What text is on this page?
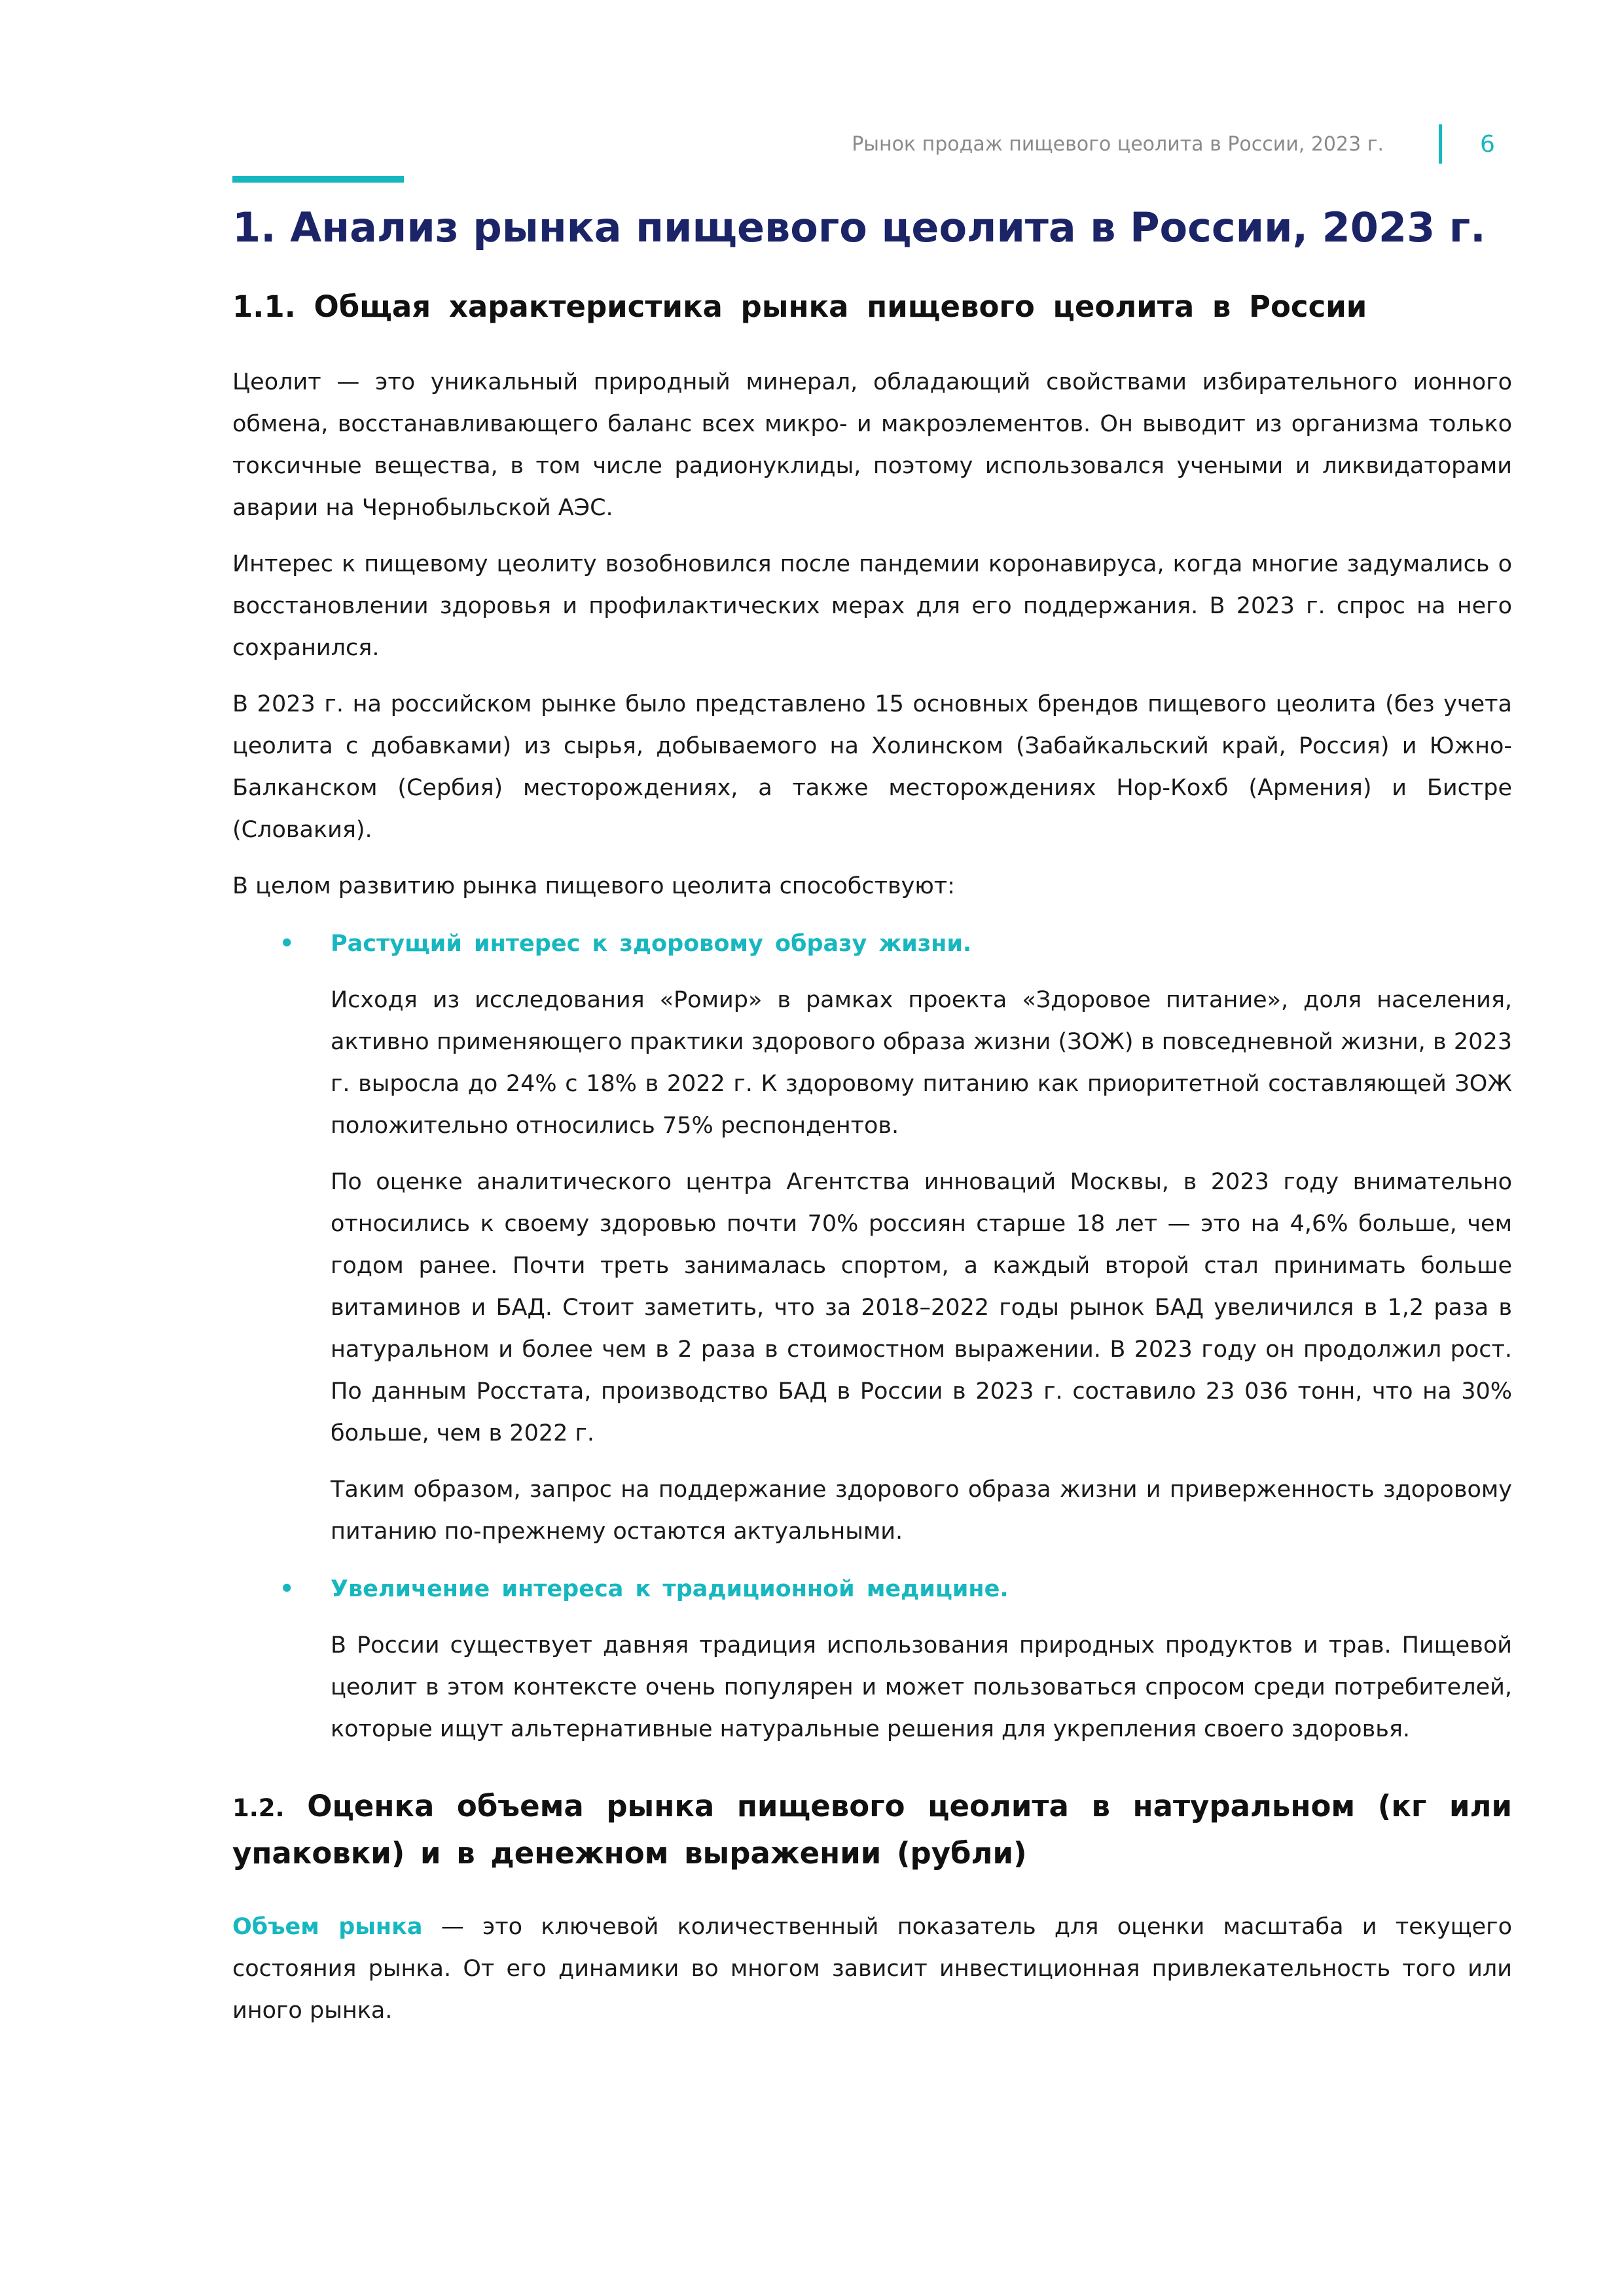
Рынок продаж пищевого цеолита в России, 2023 г.	6
1. Анализ рынка пищевого цеолита в России, 2023 г.
1.1. Общая характеристика рынка пищевого цеолита в России

Цеолит — это уникальный природный минерал, обладающий свойствами избирательного ионного обмена, восстанавливающего баланс всех микро- и макроэлементов. Он выводит из организма только токсичные вещества, в том числе радионуклиды, поэтому использовался учеными и ликвидаторами аварии на Чернобыльской АЭС.

Интерес к пищевому цеолиту возобновился после пандемии коронавируса, когда многие задумались о восстановлении здоровья и профилактических мерах для его поддержания. В 2023 г. спрос на него сохранился.

В 2023 г. на российском рынке было представлено 15 основных брендов пищевого цеолита (без учета цеолита с добавками) из сырья, добываемого на Холинском (Забайкальский край, Россия) и Южно-Балканском (Сербия) месторождениях, а также месторождениях Нор-Кохб (Армения) и Бистре (Словакия).

В целом развитию рынка пищевого цеолита способствуют:

• Растущий интерес к здоровому образу жизни.

Исходя из исследования «Ромир» в рамках проекта «Здоровое питание», доля населения, активно применяющего практики здорового образа жизни (ЗОЖ) в повседневной жизни, в 2023 г. выросла до 24% с 18% в 2022 г. К здоровому питанию как приоритетной составляющей ЗОЖ положительно относились 75% респондентов.

По оценке аналитического центра Агентства инноваций Москвы, в 2023 году внимательно относились к своему здоровью почти 70% россиян старше 18 лет — это на 4,6% больше, чем годом ранее. Почти треть занималась спортом, а каждый второй стал принимать больше витаминов и БАД. Стоит заметить, что за 2018–2022 годы рынок БАД увеличился в 1,2 раза в натуральном и более чем в 2 раза в стоимостном выражении. В 2023 году он продолжил рост. По данным Росстата, производство БАД в России в 2023 г. составило 23 036 тонн, что на 30% больше, чем в 2022 г.

Таким образом, запрос на поддержание здорового образа жизни и приверженность здоровому питанию по-прежнему остаются актуальными.

• Увеличение интереса к традиционной медицине.

В России существует давняя традиция использования природных продуктов и трав. Пищевой цеолит в этом контексте очень популярен и может пользоваться спросом среди потребителей, которые ищут альтернативные натуральные решения для укрепления своего здоровья.

1.2. Оценка объема рынка пищевого цеолита в натуральном (кг или упаковки) и в денежном выражении (рубли)

Объем рынка — это ключевой количественный показатель для оценки масштаба и текущего состояния рынка. От его динамики во многом зависит инвестиционная привлекательность того или иного рынка.
